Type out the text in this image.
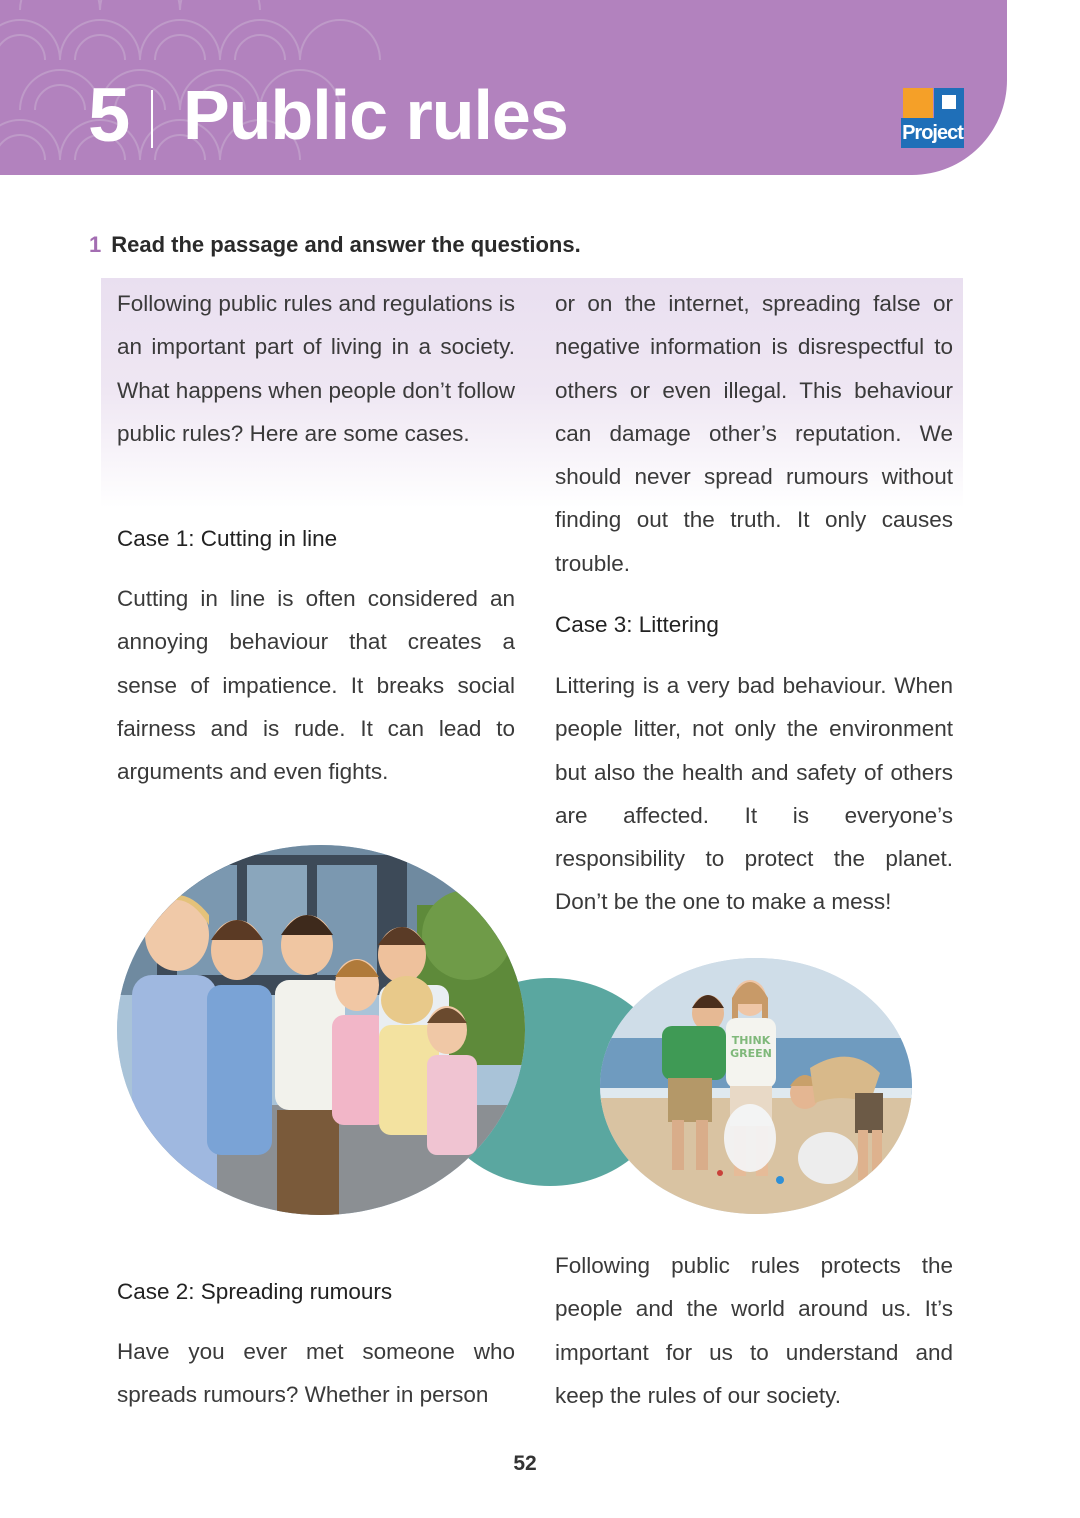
5 Public rules	Project
1 Read the passage and answer the questions.

Following public rules and regulations is an important part of living in a society. What happens when people don’t follow public rules? Here are some cases.

Case 1: Cutting in line

Cutting in line is often considered an annoying behaviour that creates a sense of impatience. It breaks social fairness and is rude. It can lead to arguments and even fights.

Case 2: Spreading rumours

Have you ever met someone who spreads rumours? Whether in person

or on the internet, spreading false or negative information is disrespectful to others or even illegal. This behaviour can damage other’s reputation. We should never spread rumours without finding out the truth. It only causes trouble.

Case 3: Littering

Littering is a very bad behaviour. When people litter, not only the environment but also the health and safety of others are affected. It is everyone’s responsibility to protect the planet. Don’t be the one to make a mess!

Following public rules protects the people and the world around us. It’s important for us to understand and keep the rules of our society.

THINK
GREEN
52
